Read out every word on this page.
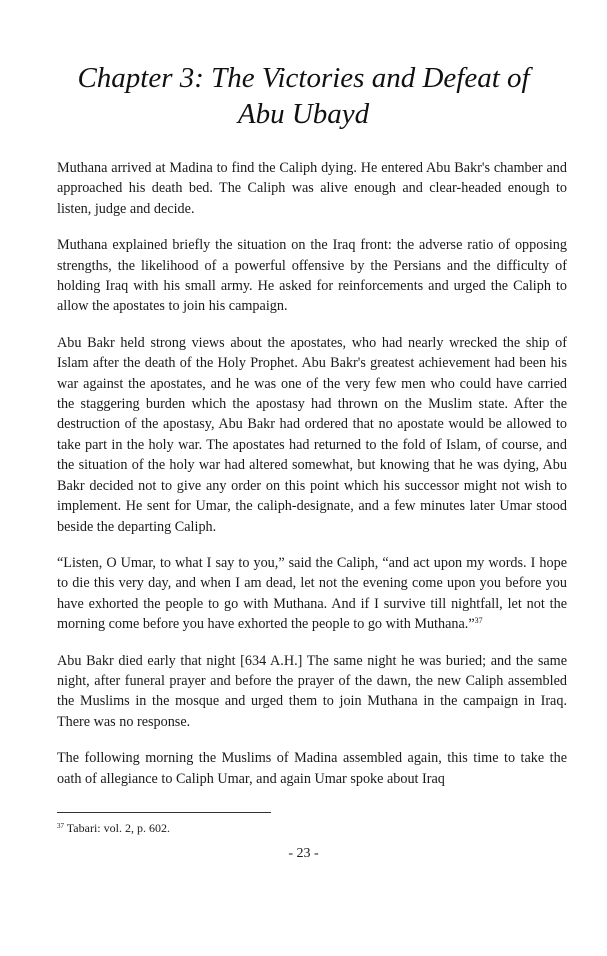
Chapter 3: The Victories and Defeat of
Abu Ubayd

Muthana arrived at Madina to find the Caliph dying. He entered Abu Bakr's chamber and approached his death bed. The Caliph was alive enough and clear-headed enough to listen, judge and decide.

Muthana explained briefly the situation on the Iraq front: the adverse ratio of opposing strengths, the likelihood of a powerful offensive by the Persians and the difficulty of holding Iraq with his small army. He asked for reinforcements and urged the Caliph to allow the apostates to join his campaign.

Abu Bakr held strong views about the apostates, who had nearly wrecked the ship of Islam after the death of the Holy Prophet. Abu Bakr's greatest achievement had been his war against the apostates, and he was one of the very few men who could have carried the staggering burden which the apostasy had thrown on the Muslim state. After the destruction of the apostasy, Abu Bakr had ordered that no apostate would be allowed to take part in the holy war. The apostates had returned to the fold of Islam, of course, and the situation of the holy war had altered somewhat, but knowing that he was dying, Abu Bakr decided not to give any order on this point which his successor might not wish to implement. He sent for Umar, the caliph-designate, and a few minutes later Umar stood beside the departing Caliph.

“Listen, O Umar, to what I say to you,” said the Caliph, “and act upon my words. I hope to die this very day, and when I am dead, let not the evening come upon you before you have exhorted the people to go with Muthana. And if I survive till nightfall, let not the morning come before you have exhorted the people to go with Muthana.”$^{37}$

Abu Bakr died early that night [634 A.H.] The same night he was buried; and the same night, after funeral prayer and before the prayer of the dawn, the new Caliph assembled the Muslims in the mosque and urged them to join Muthana in the campaign in Iraq. There was no response.

The following morning the Muslims of Madina assembled again, this time to take the oath of allegiance to Caliph Umar, and again Umar spoke about Iraq

$^{37}$ Tabari: vol. 2, p. 602.
- 23 -
